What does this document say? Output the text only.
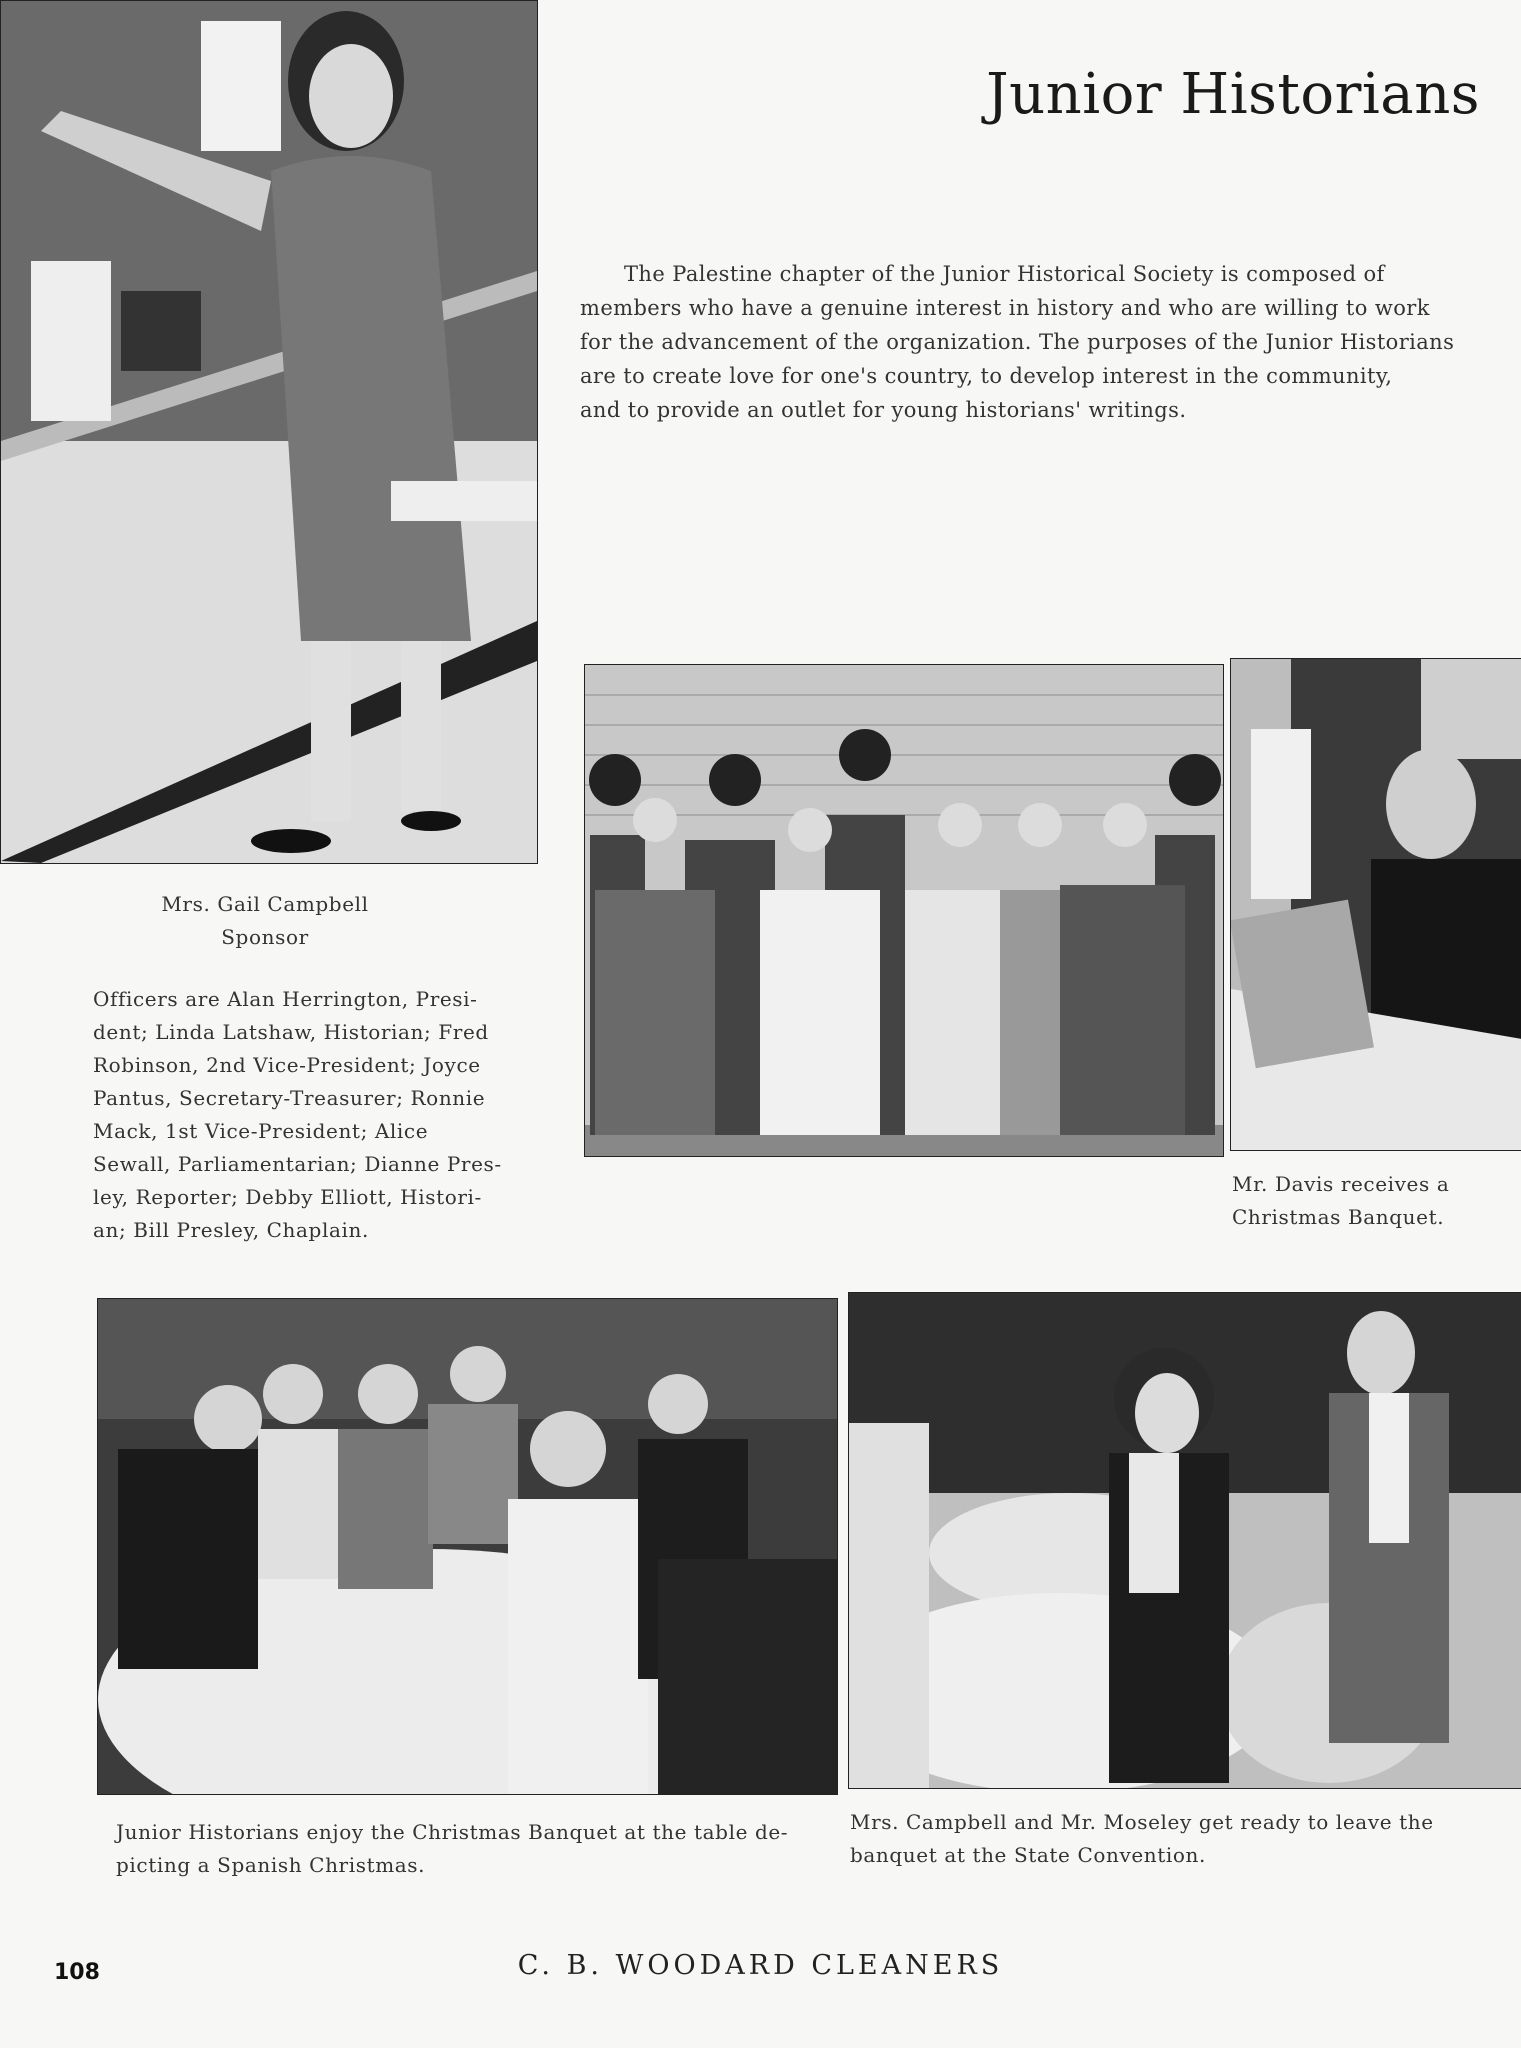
Junior Historians
The Palestine chapter of the Junior Historical Society is composed of
members who have a genuine interest in history and who are willing to work
for the advancement of the organization. The purposes of the Junior Historians
are to create love for one's country, to develop interest in the community,
and to provide an outlet for young historians' writings.
Mrs. Gail Campbell
Sponsor
Officers are Alan Herrington, Presi-
dent; Linda Latshaw, Historian; Fred
Robinson, 2nd Vice-President; Joyce
Pantus, Secretary-Treasurer; Ronnie
Mack, 1st Vice-President; Alice
Sewall, Parliamentarian; Dianne Pres-
ley, Reporter; Debby Elliott, Histori-
an; Bill Presley, Chaplain.
Mr. Davis receives a
Christmas Banquet.
Junior Historians enjoy the Christmas Banquet at the table de-
picting a Spanish Christmas.
Mrs. Campbell and Mr. Moseley get ready to leave the
banquet at the State Convention.
108	C. B. WOODARD CLEANERS
